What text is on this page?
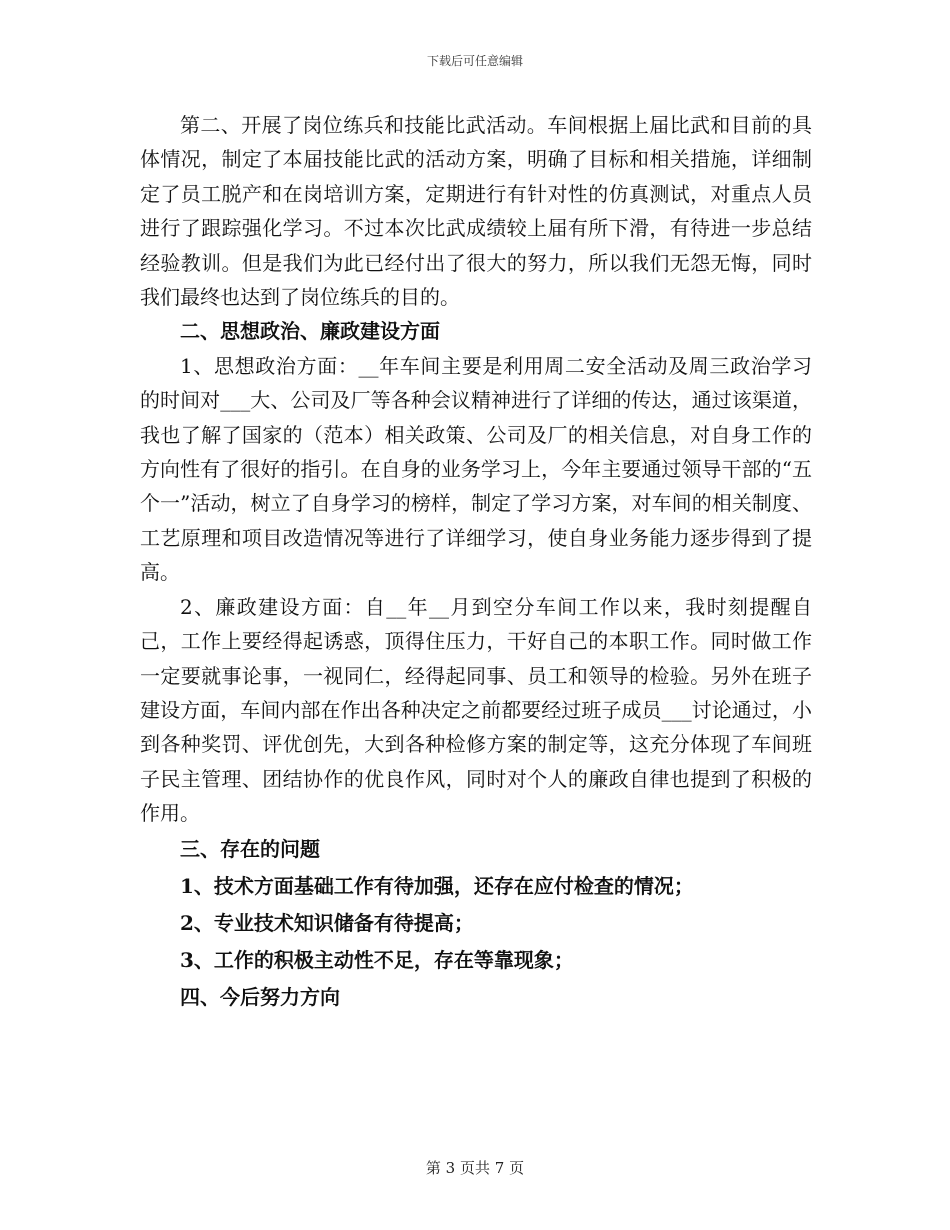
下载后可任意编辑

第二、开展了岗位练兵和技能比武活动。车间根据上届比武和目前的具体情况，制定了本届技能比武的活动方案，明确了目标和相关措施，详细制定了员工脱产和在岗培训方案，定期进行有针对性的仿真测试，对重点人员进行了跟踪强化学习。不过本次比武成绩较上届有所下滑，有待进一步总结经验教训。但是我们为此已经付出了很大的努力，所以我们无怨无悔，同时我们最终也达到了岗位练兵的目的。

二、思想政治、廉政建设方面

1、思想政治方面：__年车间主要是利用周二安全活动及周三政治学习的时间对___大、公司及厂等各种会议精神进行了详细的传达，通过该渠道，我也了解了国家的（范本）相关政策、公司及厂的相关信息，对自身工作的方向性有了很好的指引。在自身的业务学习上，今年主要通过领导干部的“五个一”活动，树立了自身学习的榜样，制定了学习方案，对车间的相关制度、工艺原理和项目改造情况等进行了详细学习，使自身业务能力逐步得到了提高。

2、廉政建设方面：自__年__月到空分车间工作以来，我时刻提醒自己，工作上要经得起诱惑，顶得住压力，干好自己的本职工作。同时做工作一定要就事论事，一视同仁，经得起同事、员工和领导的检验。另外在班子建设方面，车间内部在作出各种决定之前都要经过班子成员___讨论通过，小到各种奖罚、评优创先，大到各种检修方案的制定等，这充分体现了车间班子民主管理、团结协作的优良作风，同时对个人的廉政自律也提到了积极的作用。

三、存在的问题

1、技术方面基础工作有待加强，还存在应付检查的情况；

2、专业技术知识储备有待提高；

3、工作的积极主动性不足，存在等靠现象；

四、今后努力方向

第 3 页共 7 页
